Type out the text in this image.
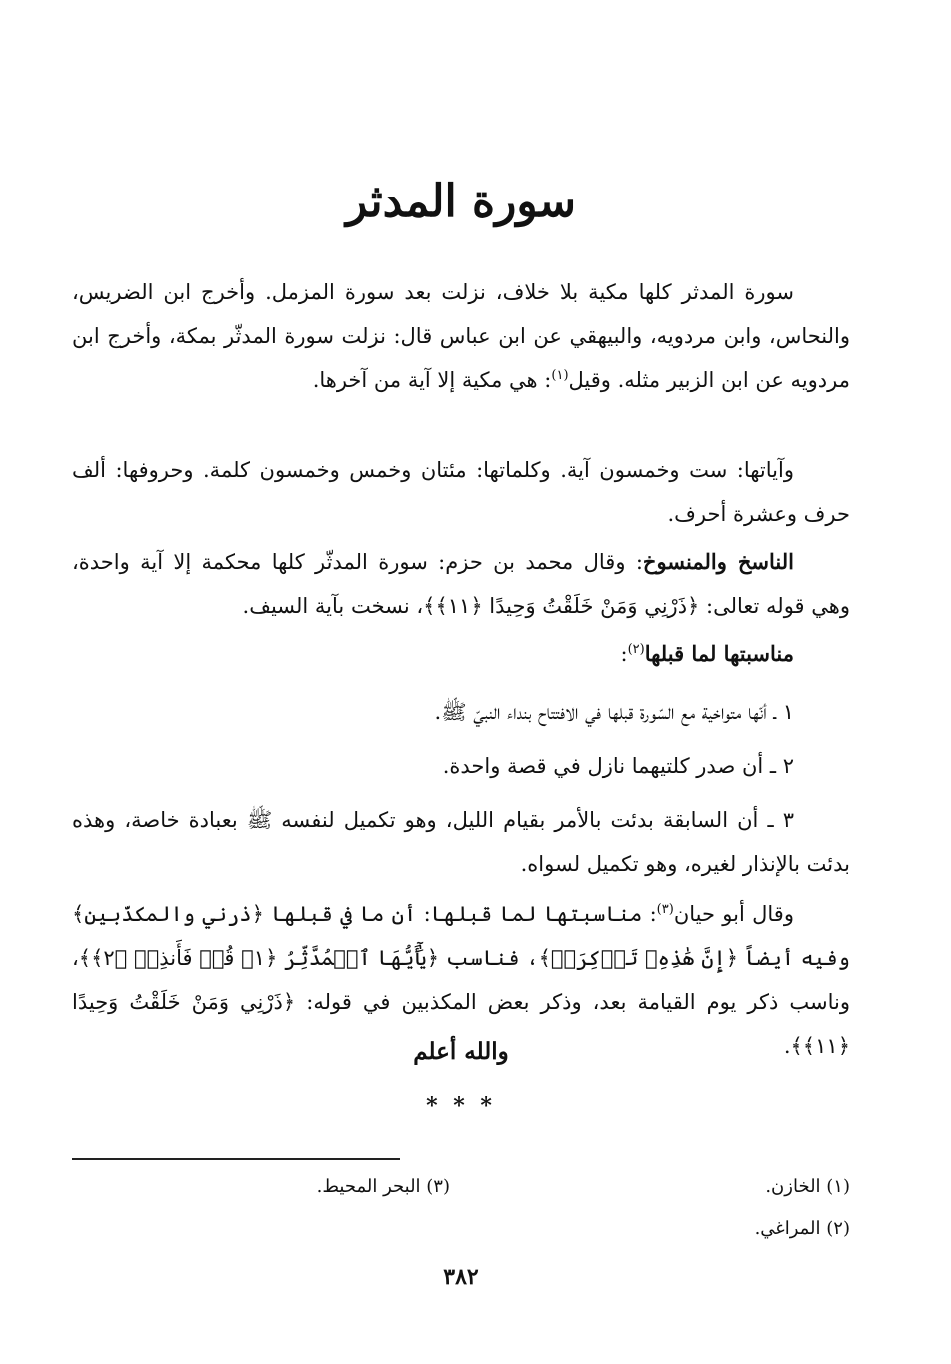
سورة المدثر

سورة المدثر كلها مكية بلا خلاف، نزلت بعد سورة المزمل. وأخرج ابن الضريس، والنحاس، وابن مردويه، والبيهقي عن ابن عباس قال: نزلت سورة المدثّر بمكة، وأخرج ابن مردويه عن ابن الزبير مثله. وقيل$^{(١)}$: هي مكية إلا آية من آخرها.

وآياتها: ست وخمسون آية. وكلماتها: مئتان وخمس وخمسون كلمة. وحروفها: ألف حرف وعشرة أحرف.

الناسخ والمنسوخ: وقال محمد بن حزم: سورة المدثّر كلها محكمة إلا آية واحدة، وهي قوله تعالى: ﴿ذَرْنِي وَمَنْ خَلَقْتُ وَحِيدًا ﴿١١﴾﴾، نسخت بآية السيف.

مناسبتها لما قبلها$^{(٢)}$:

١ ـ أنّها متواخية مع السّورة قبلها في الافتتاح بنداء النبيّ ﷺ.

٢ ـ أن صدر كلتيهما نازل في قصة واحدة.

٣ ـ أن السابقة بدئت بالأمر بقيام الليل، وهو تكميل لنفسه ﷺ بعبادة خاصة، وهذه بدئت بالإنذار لغيره، وهو تكميل لسواه.

وقال أبو حيان$^{(٣)}$: مناسبتها لما قبلها: أن ما في قبلها ﴿ذرني والمكذّبين﴾ وفيه أيضاً ﴿إِنَّ هَٰذِهِۦ تَذۡكِرَةٞ﴾، فناسب ﴿يَٰٓأَيُّهَا ٱلۡمُدَّثِّرُ ﴿١﴾ قُمۡ فَأَنذِرۡ ﴿٢﴾﴾، وناسب ذكر يوم القيامة بعد، وذكر بعض المكذبين في قوله: ﴿ذَرْنِي وَمَنْ خَلَقْتُ وَحِيدًا ﴿١١﴾﴾.

والله أعلم
* * *
(١) الخازن.
(٢) المراغي.
(٣) البحر المحيط.
٣٨٢
